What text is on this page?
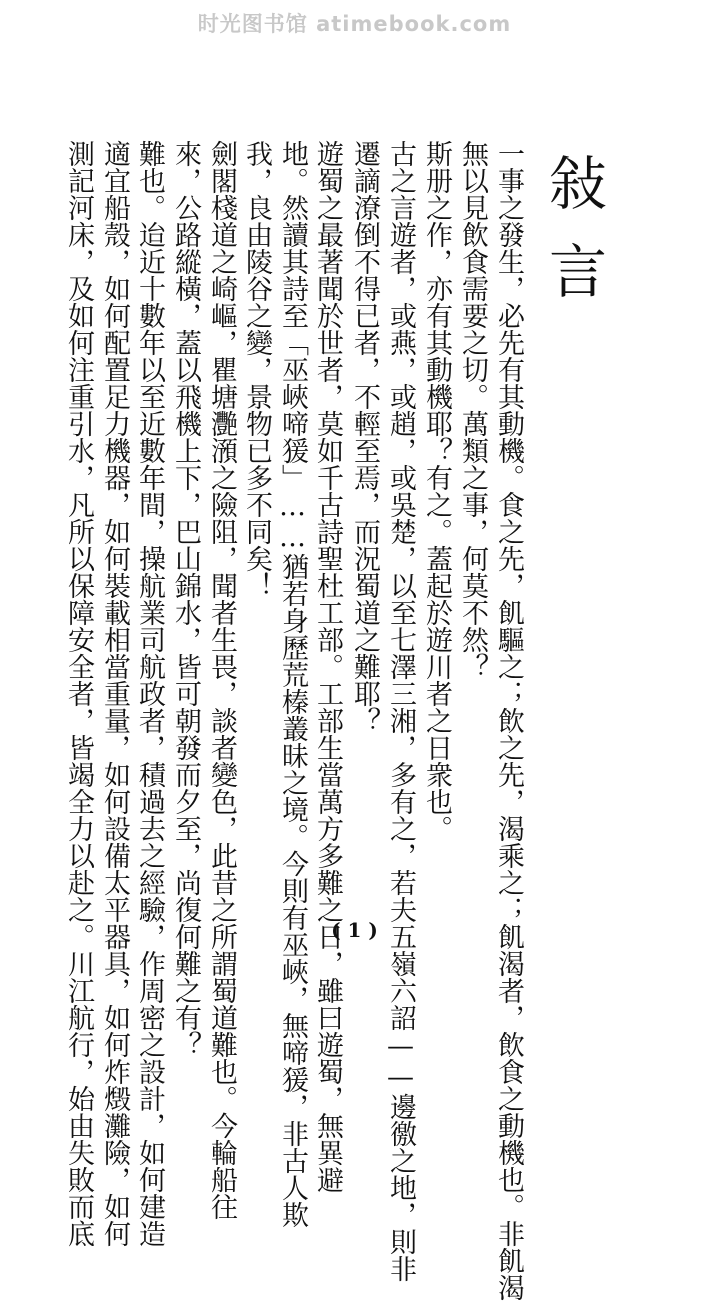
时光图书馆 atimebook.com
敍
言
一事之發生，必先有其動機。食之先，飢驅之；飲之先，渴乘之；飢渴者，飲食之動機也。非飢渴
無以見飲食需要之切。萬類之事，何莫不然？
斯册之作，亦有其動機耶？有之。蓋起於遊川者之日衆也。
古之言遊者，或燕，或趙，或吳楚，以至七澤三湘，多有之，若夫五嶺六詔——邊徼之地，則非
遷謫潦倒不得已者，不輕至焉，而況蜀道之難耶？
遊蜀之最著聞於世者，莫如千古詩聖杜工部。工部生當萬方多難之日，雖曰遊蜀，無異避
地。然讀其詩至「巫峽啼猨」……猶若身歷荒榛叢昧之境。今則有巫峽，無啼猨，非古人欺
我，良由陵谷之變，景物已多不同矣！
劍閣棧道之崎嶇，瞿塘灧澦之險阻，聞者生畏，談者變色，此昔之所謂蜀道難也。今輪船往
來，公路縱橫，蓋以飛機上下，巴山錦水，皆可朝發而夕至，尚復何難之有？
難也。迨近十數年以至近數年間，操航業司航政者，積過去之經驗，作周密之設計，如何建造
適宜船殼，如何配置足力機器，如何裝載相當重量，如何設備太平器具，如何炸燬灘險，如何
測記河床，及如何注重引水，凡所以保障安全者，皆竭全力以赴之。川江航行，始由失敗而底	( 1 )
